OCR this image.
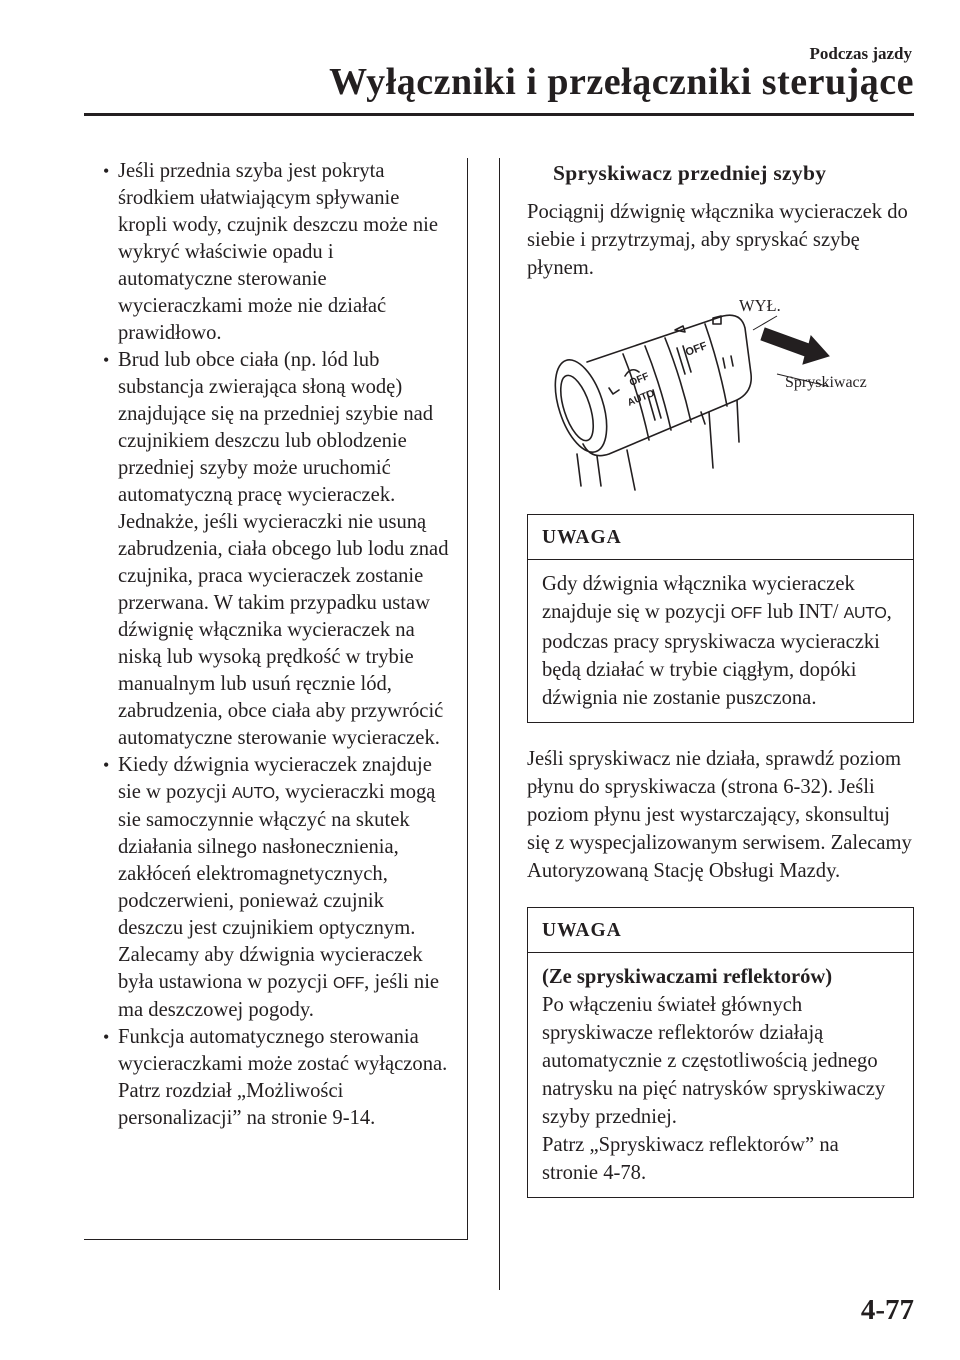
Podczas jazdy
Wyłączniki i przełączniki sterujące
• Jeśli przednia szyba jest pokryta środkiem ułatwiającym spływanie kropli wody, czujnik deszczu może nie wykryć właściwie opadu i automatyczne sterowanie wycieraczkami może nie działać prawidłowo.
• Brud lub obce ciała (np. lód lub substancja zwierająca słoną wodę) znajdujące się na przedniej szybie nad czujnikiem deszczu lub oblodzenie przedniej szyby może uruchomić automatyczną pracę wycieraczek. Jednakże, jeśli wycieraczki nie usuną zabrudzenia, ciała obcego lub lodu znad czujnika, praca wycieraczek zostanie przerwana. W takim przypadku ustaw dźwignię włącznika wycieraczek na niską lub wysoką prędkość w trybie manualnym lub usuń ręcznie lód, zabrudzenia, obce ciała aby przywrócić automatyczne sterowanie wycieraczek.
• Kiedy dźwignia wycieraczek znajduje sie w pozycji AUTO, wycieraczki mogą sie samoczynnie włączyć na skutek działania silnego nasłonecznienia, zakłóceń elektromagnetycznych, podczerwieni, ponieważ czujnik deszczu jest czujnikiem optycznym. Zalecamy aby dźwignia wycieraczek była ustawiona w pozycji OFF, jeśli nie ma deszczowej pogody.
• Funkcja automatycznego sterowania wycieraczkami może zostać wyłączona.
Patrz rozdział „Możliwości personalizacji” na stronie 9-14.
Spryskiwacz przedniej szyby

Pociągnij dźwignię włącznika wycieraczek do siebie i przytrzymaj, aby spryskać szybę płynem.

OFF
AUTO
OFF
WYŁ.
Spryskiwacz
UWAGA
Gdy dźwignia włącznika wycieraczek znajduje się w pozycji OFF lub INT/ AUTO, podczas pracy spryskiwacza wycieraczki będą działać w trybie ciągłym, dopóki dźwignia nie zostanie puszczona.

Jeśli spryskiwacz nie działa, sprawdź poziom płynu do spryskiwacza (strona 6-32). Jeśli poziom płynu jest wystarczający, skonsultuj się z wyspecjalizowanym serwisem. Zalecamy Autoryzowaną Stację Obsługi Mazdy.

UWAGA
(Ze spryskiwaczami reflektorów)
Po włączeniu świateł głównych spryskiwacze reflektorów działają automatycznie z częstotliwością jednego natrysku na pięć natrysków spryskiwaczy szyby przedniej.
Patrz „Spryskiwacz reflektorów” na stronie 4-78.
4-77
